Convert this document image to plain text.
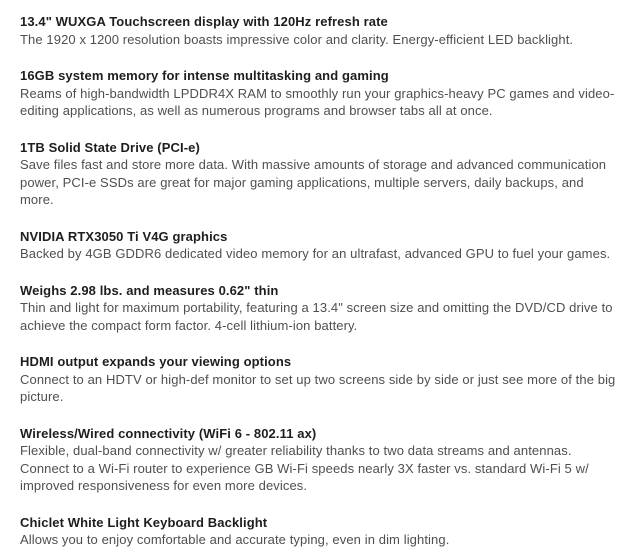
13.4" WUXGA Touchscreen display with 120Hz refresh rate

The 1920 x 1200 resolution boasts impressive color and clarity. Energy-efficient LED backlight.

16GB system memory for intense multitasking and gaming

Reams of high-bandwidth LPDDR4X RAM to smoothly run your graphics-heavy PC games and video-editing applications, as well as numerous programs and browser tabs all at once.

1TB Solid State Drive (PCI-e)

Save files fast and store more data. With massive amounts of storage and advanced communication power, PCI-e SSDs are great for major gaming applications, multiple servers, daily backups, and more.

NVIDIA RTX3050 Ti V4G graphics

Backed by 4GB GDDR6 dedicated video memory for an ultrafast, advanced GPU to fuel your games.

Weighs 2.98 lbs. and measures 0.62" thin

Thin and light for maximum portability, featuring a 13.4" screen size and omitting the DVD/CD drive to achieve the compact form factor. 4-cell lithium-ion battery.

HDMI output expands your viewing options

Connect to an HDTV or high-def monitor to set up two screens side by side or just see more of the big picture.

Wireless/Wired connectivity (WiFi 6 - 802.11 ax)

Flexible, dual-band connectivity w/ greater reliability thanks to two data streams and antennas. Connect to a Wi-Fi router to experience GB Wi-Fi speeds nearly 3X faster vs. standard Wi-Fi 5 w/ improved responsiveness for even more devices.

Chiclet White Light Keyboard Backlight

Allows you to enjoy comfortable and accurate typing, even in dim lighting.
